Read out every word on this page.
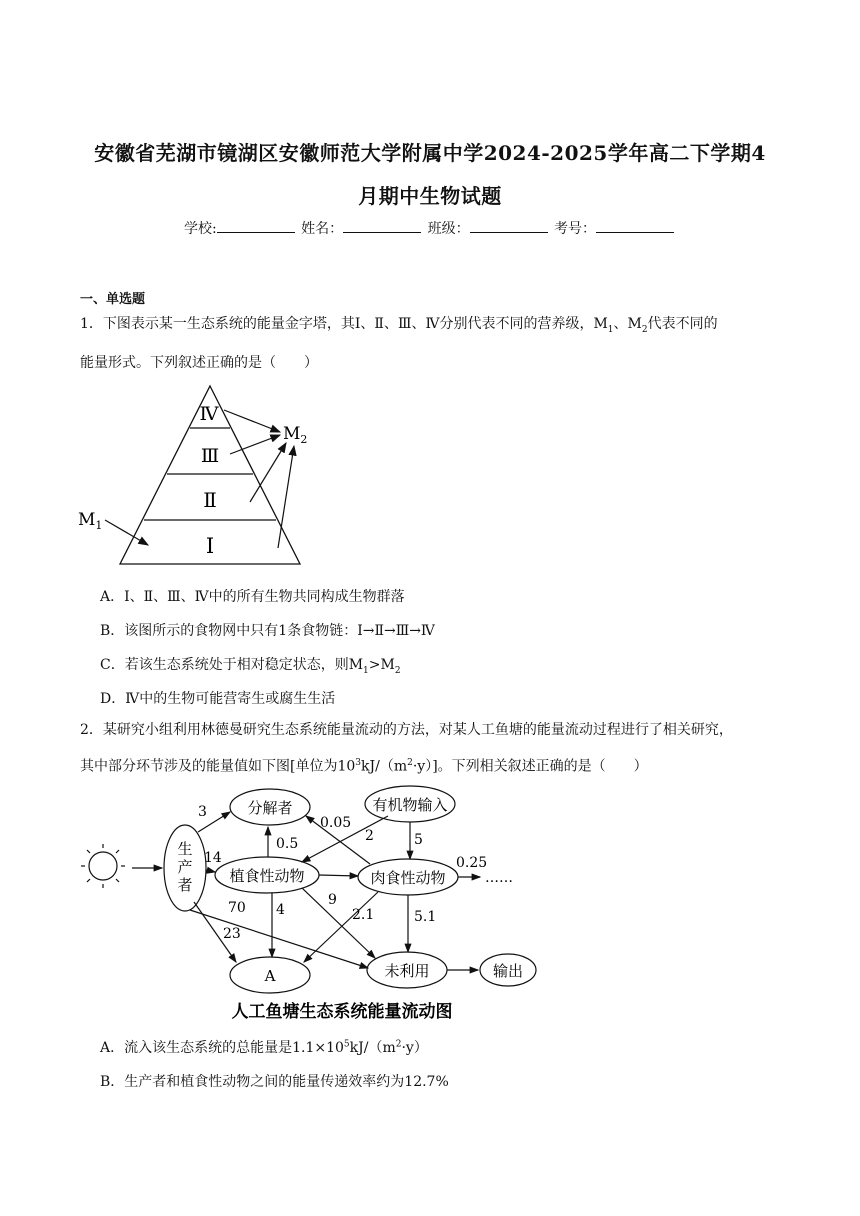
安徽省芜湖市镜湖区安徽师范大学附属中学2024-2025学年高二下学期4
月期中生物试题
学校:	姓名：	班级：	考号：
一、单选题
1．下图表示某一生态系统的能量金字塔，其Ⅰ、Ⅱ、Ⅲ、Ⅳ分别代表不同的营养级，$M_1$、$M_2$代表不同的
能量形式。下列叙述正确的是（　　）
Ⅳ
Ⅲ
Ⅱ
Ⅰ
$M_1$
$M_2$
A．Ⅰ、Ⅱ、Ⅲ、Ⅳ中的所有生物共同构成生物群落
B．该图所示的食物网中只有1条食物链：Ⅰ→Ⅱ→Ⅲ→Ⅳ
C．若该生态系统处于相对稳定状态，则$M_1>M_2$
D．Ⅳ中的生物可能营寄生或腐生生活
2．某研究小组利用林德曼研究生态系统能量流动的方法，对某人工鱼塘的能量流动过程进行了相关研究，
其中部分环节涉及的能量值如下图[单位为$10^3kJ/(m^2\cdot y)$]。下列相关叙述正确的是（　　）
生
产
者
分解者	有机物输入
植食性动物	肉食性动物
A	未利用	输出
……
3
0.5
0.05
2	5
14	0.25
70
23
4
9
2.1	5.1
人工鱼塘生态系统能量流动图
A．流入该生态系统的总能量是$1.1\times 10^5kJ/(m^2\cdot y)$
B．生产者和植食性动物之间的能量传递效率约为12.7%
